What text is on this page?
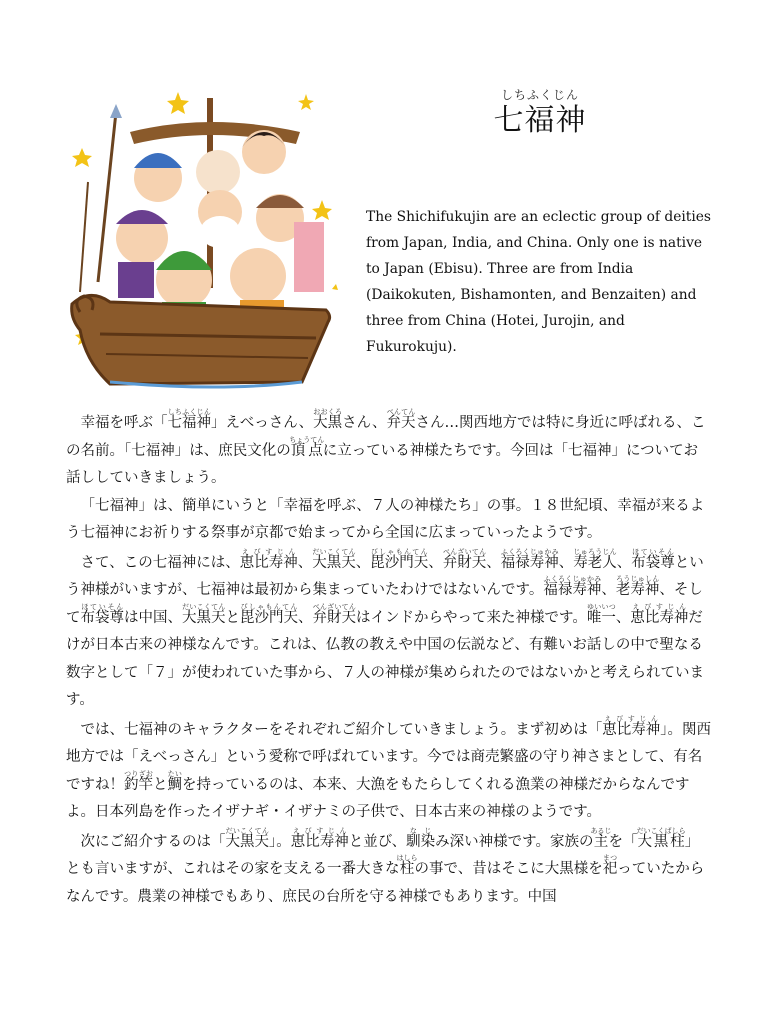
しちふくじん
七福神
The Shichifukujin are an eclectic group of deities from Japan, India, and China. Only one is native to Japan (Ebisu). Three are from India (Daikokuten, Bishamonten, and Benzaiten) and three from China (Hotei, Jurojin, and Fukurokuju).

幸福を呼ぶ「七福神しちふくじん」えべっさん、大黒おおくろさん、弁天べんてんさん…関西地方では特に身近に呼ばれる、この名前。「七福神」は、庶民文化の頂点ちょうてんに立っている神様たちです。今回は「七福神」についてお話ししていきましょう。

「七福神」は、簡単にいうと「幸福を呼ぶ、７人の神様たち」の事。１８世紀頃、幸福が来るよう七福神にお祈りする祭事が京都で始まってから全国に広まっていったようです。

さて、この七福神には、恵比寿神えびすじん、大黒天だいこくてん、毘沙門天びしゃもんてん、弁財天べんざいてん、福禄寿神ふくろくじゅかみ、寿老人じゅろうじん、布袋尊ほていそんという神様がいますが、七福神は最初から集まっていたわけではないんです。福禄寿神ふくろくじゅかみ、老寿神ろうじゅしん、そして布袋尊ほていそんは中国、大黒天だいこくてんと毘沙門天びしゃもんてん、弁財天べんざいてんはインドからやって来た神様です。唯一ゆいいつ、恵比寿神えびすじんだけが日本古来の神様なんです。これは、仏教の教えや中国の伝説など、有難いお話しの中で聖なる数字として「７」が使われていた事から、７人の神様が集められたのではないかと考えられています。

では、七福神のキャラクターをそれぞれご紹介していきましょう。まず初めは「恵比寿神えびすじん」。関西地方では「えべっさん」という愛称で呼ばれています。今では商売繁盛の守り神さまとして、有名ですね！釣竿つりざおと鯛たいを持っているのは、本来、大漁をもたらしてくれる漁業の神様だからなんですよ。日本列島を作ったイザナギ・イザナミの子供で、日本古来の神様のようです。

次にご紹介するのは「大黒天だいこくてん」。恵比寿神えびすじんと並び、馴染なじみ深い神様です。家族の主あるじを「大黒柱だいこくばしら」とも言いますが、これはその家を支える一番大きな柱はしらの事で、昔はそこに大黒様を祀まつっていたからなんです。農業の神様でもあり、庶民の台所を守る神様でもあります。中国
